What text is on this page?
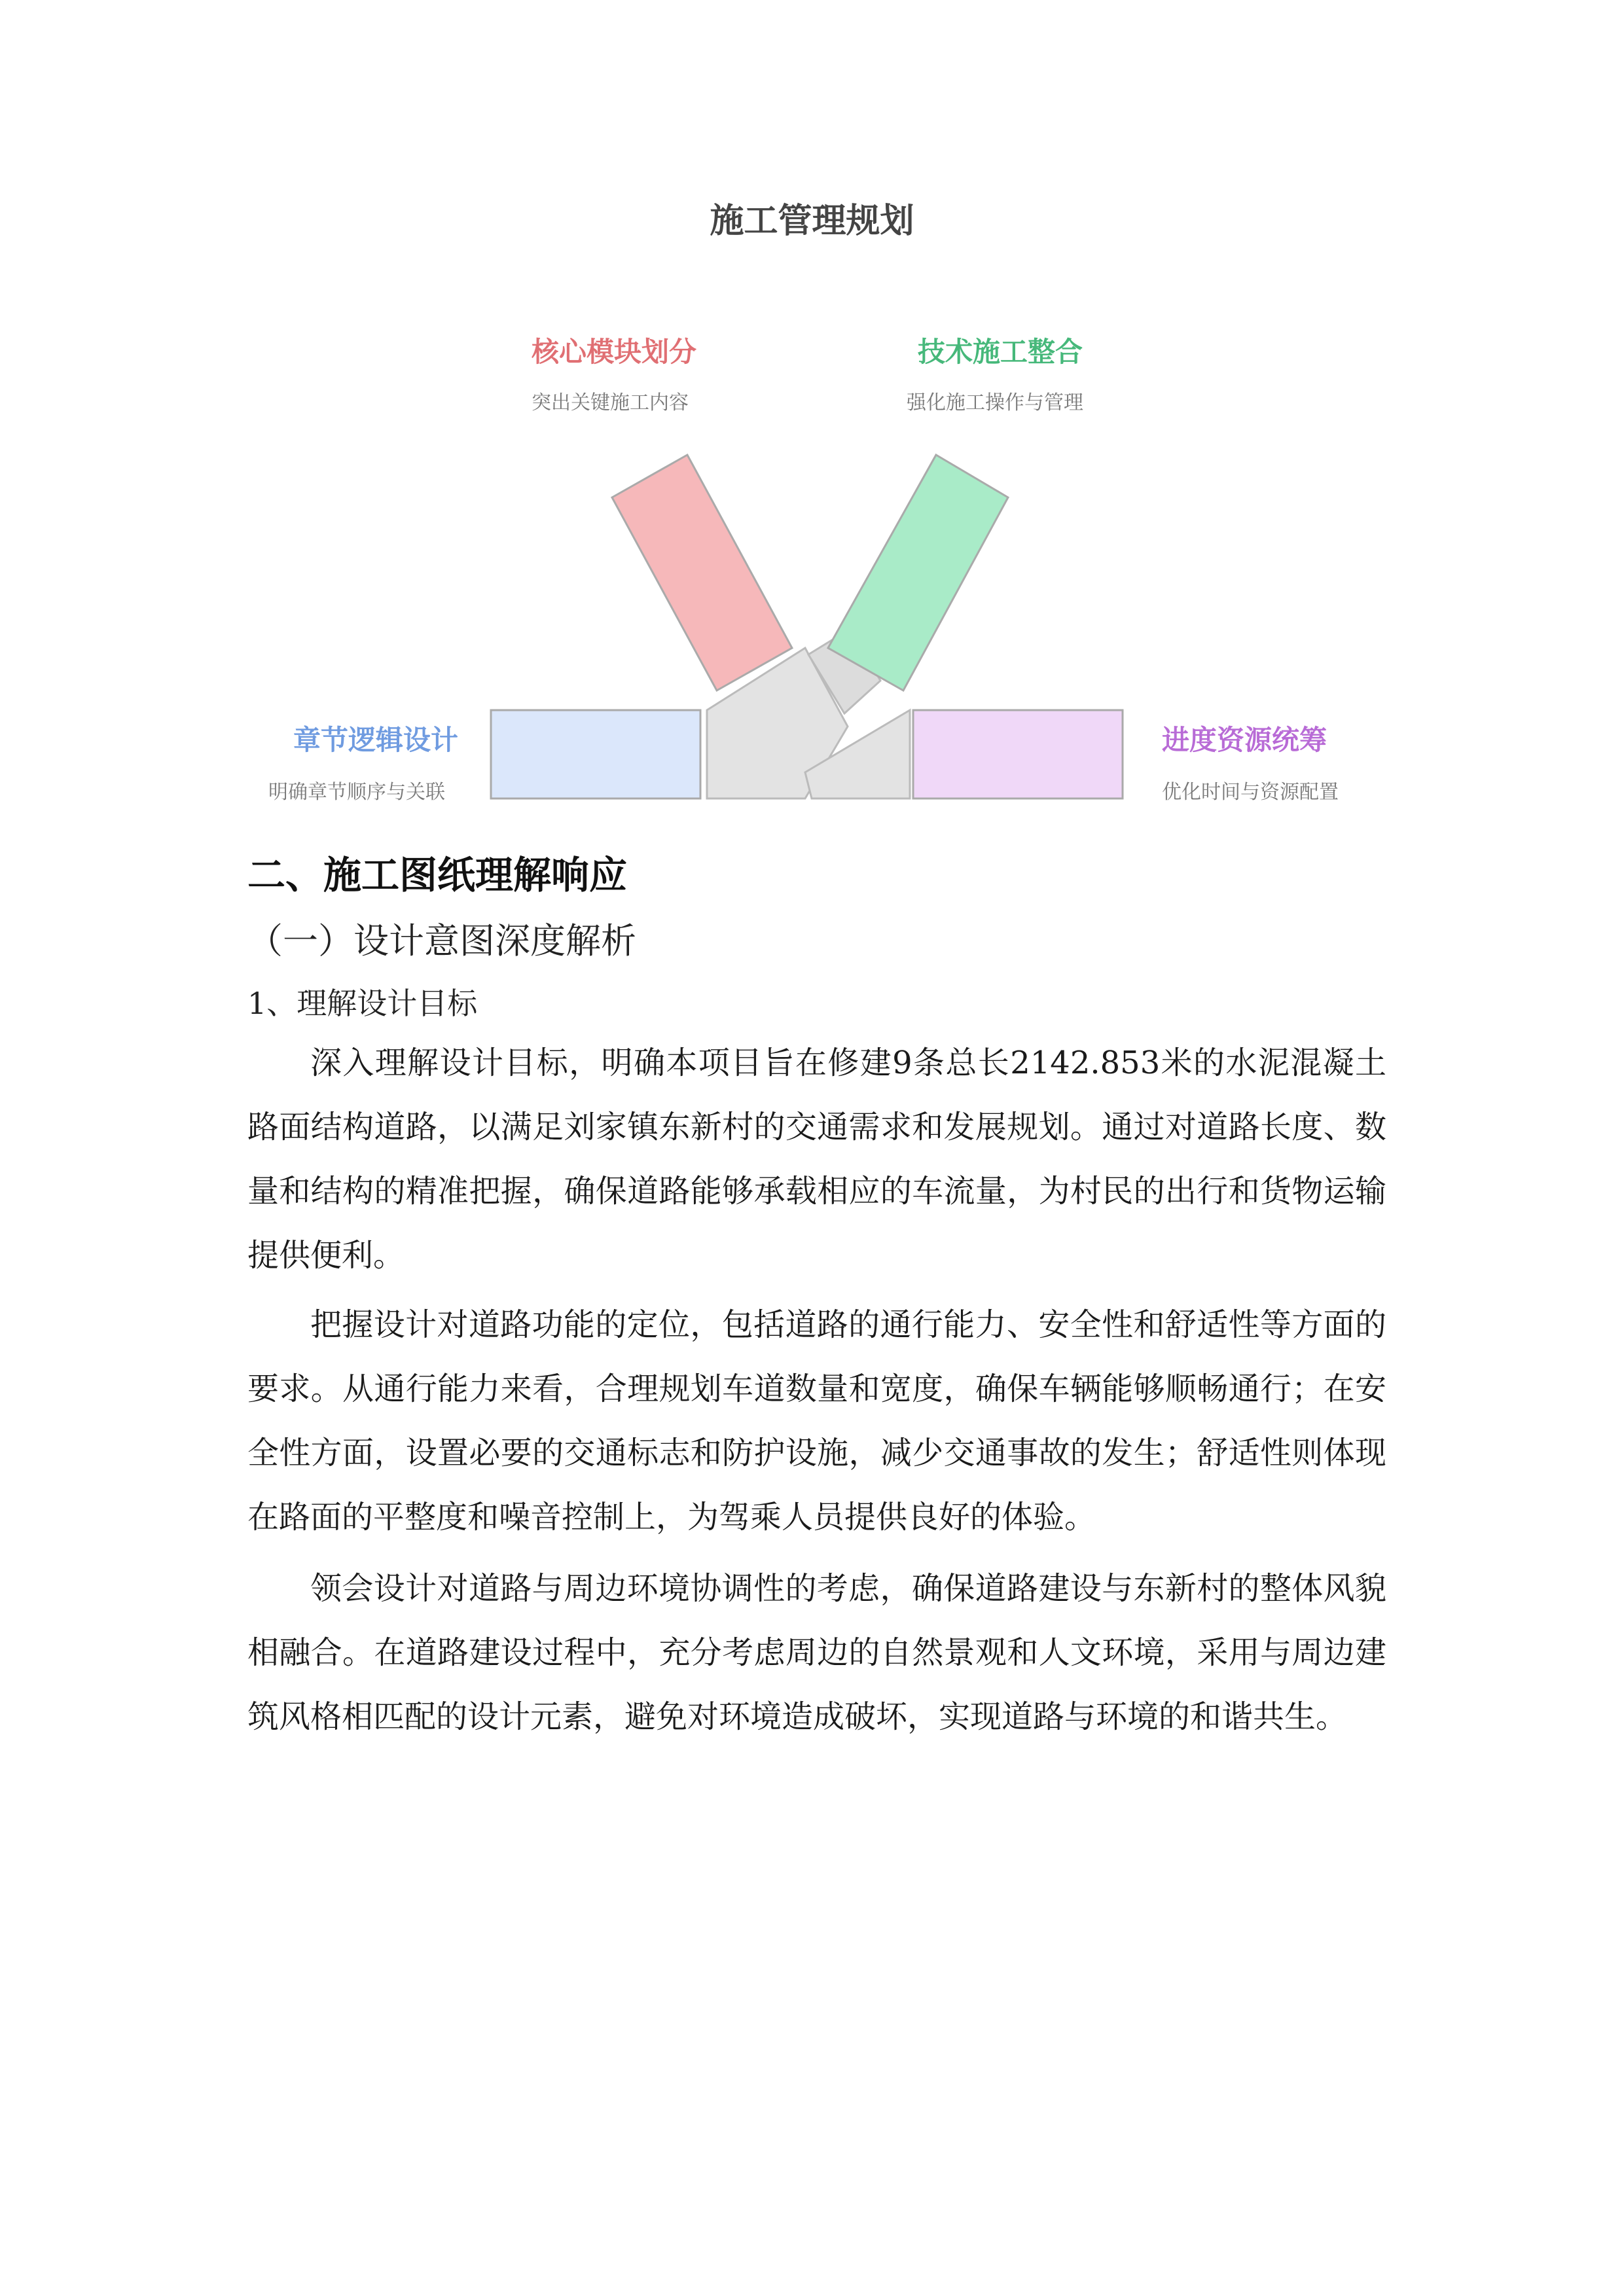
施工管理规划
核心模块划分
突出关键施工内容
技术施工整合
强化施工操作与管理
章节逻辑设计
明确章节顺序与关联
进度资源统筹
优化时间与资源配置
二、施工图纸理解响应
（一）设计意图深度解析
1、理解设计目标

深入理解设计目标，明确本项目旨在修建9条总长2142.853米的水泥混凝土路面结构道路，以满足刘家镇东新村的交通需求和发展规划。通过对道路长度、数量和结构的精准把握，确保道路能够承载相应的车流量，为村民的出行和货物运输提供便利。

把握设计对道路功能的定位，包括道路的通行能力、安全性和舒适性等方面的要求。从通行能力来看，合理规划车道数量和宽度，确保车辆能够顺畅通行；在安全性方面，设置必要的交通标志和防护设施，减少交通事故的发生；舒适性则体现在路面的平整度和噪音控制上，为驾乘人员提供良好的体验。

领会设计对道路与周边环境协调性的考虑，确保道路建设与东新村的整体风貌相融合。在道路建设过程中，充分考虑周边的自然景观和人文环境，采用与周边建筑风格相匹配的设计元素，避免对环境造成破坏，实现道路与环境的和谐共生。
